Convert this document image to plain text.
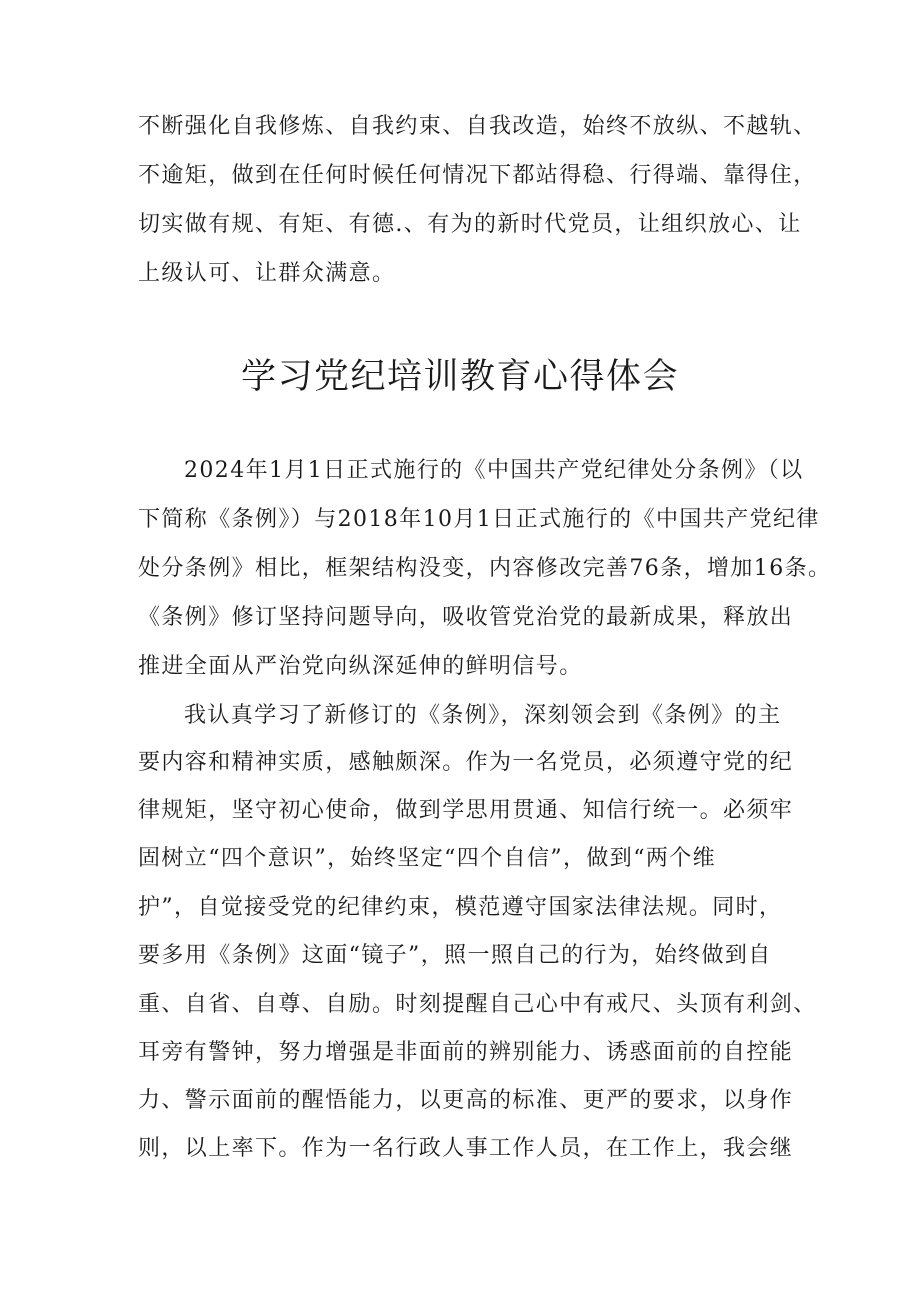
不断强化自我修炼、自我约束、自我改造，始终不放纵、不越轨、
不逾矩，做到在任何时候任何情况下都站得稳、行得端、靠得住，
切实做有规、有矩、有德.、有为的新时代党员，让组织放心、让
上级认可、让群众满意。
学习党纪培训教育心得体会
2024年1月1日正式施行的《中国共产党纪律处分条例》（以
下简称《条例》）与2018年10月1日正式施行的《中国共产党纪律
处分条例》相比，框架结构没变，内容修改完善76条，增加16条。
《条例》修订坚持问题导向，吸收管党治党的最新成果，释放出
推进全面从严治党向纵深延伸的鲜明信号。
我认真学习了新修订的《条例》，深刻领会到《条例》的主
要内容和精神实质，感触颇深。作为一名党员，必须遵守党的纪
律规矩，坚守初心使命，做到学思用贯通、知信行统一。必须牢
固树立“四个意识”，始终坚定“四个自信”，做到“两个维
护”，自觉接受党的纪律约束，模范遵守国家法律法规。同时，
要多用《条例》这面“镜子”，照一照自己的行为，始终做到自
重、自省、自尊、自励。时刻提醒自己心中有戒尺、头顶有利剑、
耳旁有警钟，努力增强是非面前的辨别能力、诱惑面前的自控能
力、警示面前的醒悟能力，以更高的标准、更严的要求，以身作
则，以上率下。作为一名行政人事工作人员，在工作上，我会继
